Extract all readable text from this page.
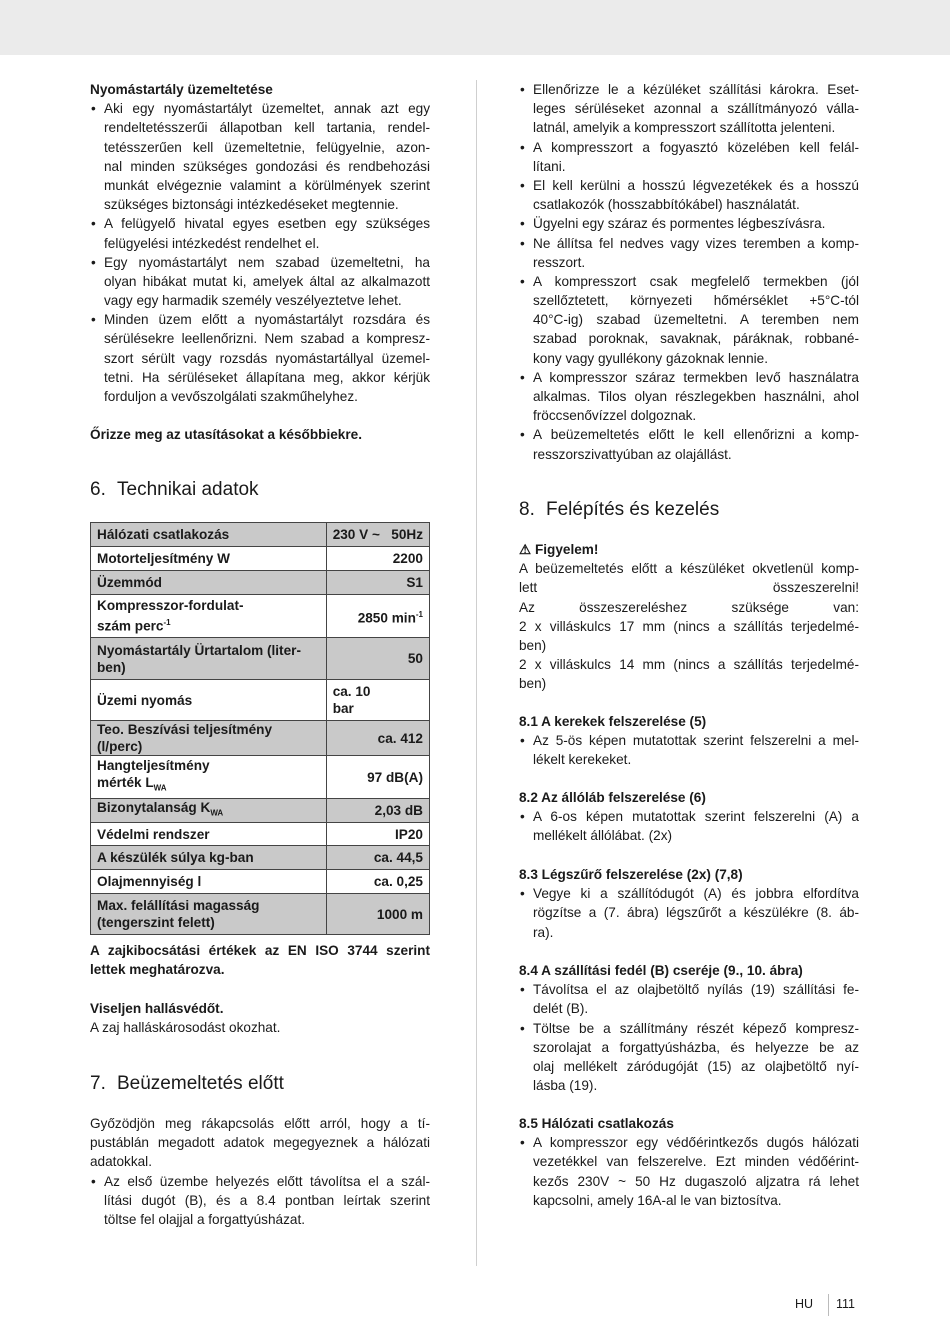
Nyomástartály üzemeltetése
• Aki egy nyomástartályt üzemeltet, annak azt egy
rendeltetésszerűi állapotban kell tartania, rendel-
tetésszerűen kell üzemeltetnie, felügyelnie, azon-
nal minden szükséges gondozási és rendbehozási
munkát elvégeznie valamint a körülmények szerint
szükséges biztonsági intézkedéseket megtennie.
• A felügyelő hivatal egyes esetben egy szükséges
felügyelési intézkedést rendelhet el.
• Egy nyomástartályt nem szabad üzemeltetni, ha
olyan hibákat mutat ki, amelyek által az alkalmazott
vagy egy harmadik személy veszélyeztetve lehet.
• Minden üzem előtt a nyomástartályt rozsdára és
sérülésekre leellenőrizni. Nem szabad a kompresz-
szort sérült vagy rozsdás nyomástartállyal üzemel-
tetni. Ha sérüléseket állapítana meg, akkor kérjük
forduljon a vevőszolgálati szakműhelyhez.
Őrizze meg az utasításokat a későbbiekre.
6. Technikai adatok
Hálózati csatlakozás	230 V ~   50Hz
Motorteljesítmény W	2200
Üzemmód	S1
Kompresszor-fordulat-
szám perc$^{-1}$	2850 $\min^{-1}$
Nyomástartály Ürtartalom (liter-
ben)	50
Üzemi nyomás	ca. 10
bar
Teo. Beszívási teljesítmény (l/perc)	ca. 412
Hangteljesítmény
mérték $L_{WA}$	97 dB(A)
Bizonytalanság $K_{WA}$	2,03 dB
Védelmi rendszer	IP20
A készülék súlya kg-ban	ca. 44,5
Olajmennyiség l	ca. 0,25
Max. felállítási magasság
(tengerszint felett)	1000 m
A zajkibocsátási értékek az EN ISO 3744 szerint
lettek meghatározva.
Viseljen hallásvédőt.
A zaj halláskárosodást okozhat.
7. Beüzemeltetés előtt
Győzödjön meg rákapcsolás előtt arról, hogy a tí-
pustáblán megadott adatok megegyeznek a hálózati
adatokkal.
• Az első üzembe helyezés előtt távolítsa el a szál-
lítási dugót (B), és a 8.4 pontban leírtak szerint
töltse fel olajjal a forgattyúsházat.
• Ellenőrizze le a kézüléket szállítási károkra. Eset-
leges sérüléseket azonnal a szállítmányozó válla-
latnál, amelyik a kompresszort szállította jelenteni.
• A kompresszort a fogyasztó közelében kell felál-
lítani.
• El kell kerülni a hosszú légvezetékek és a hosszú
csatlakozók (hosszabbítókábel) használatát.
• Ügyelni egy száraz és pormentes légbeszívásra.
• Ne állítsa fel nedves vagy vizes teremben a komp-
resszort.
• A kompresszort csak megfelelő termekben (jól
szellőztetett, környezeti hőmérséklet +5°C-tól
40°C-ig) szabad üzemeltetni. A teremben nem
szabad poroknak, savaknak, páráknak, robbané-
kony vagy gyullékony gázoknak lennie.
• A kompresszor száraz termekben levő használatra
alkalmas. Tilos olyan részlegekben használni, ahol
fröccsenővízzel dolgoznak.
• A beüzemeltetés előtt le kell ellenőrizni a komp-
resszorszivattyúban az olajállást.
8. Felépítés és kezelés
⚠ Figyelem!
A beüzemeltetés előtt a készüléket okvetlenül komp-
lett összeszerelni!
Az összeszereléshez szüksége van:
2 x villáskulcs 17 mm (nincs a szállítás terjedelmé-
ben)
2 x villáskulcs 14 mm (nincs a szállítás terjedelmé-
ben)
8.1 A kerekek felszerelése (5)
• Az 5-ös képen mutatottak szerint felszerelni a mel-
lékelt kerekeket.
8.2 Az állóláb felszerelése (6)
• A 6-os képen mutatottak szerint felszerelni (A) a
mellékelt állólábat. (2x)
8.3 Légszűrő felszerelése (2x) (7,8)
• Vegye ki a szállítódugót (A) és jobbra elfordítva
rögzítse a (7. ábra) légszűrőt a készülékre (8. áb-
ra).
8.4 A szállítási fedél (B) cseréje (9., 10. ábra)
• Távolítsa el az olajbetöltő nyílás (19) szállítási fe-
delét (B).
• Töltse be a szállítmány részét képező kompresz-
szorolajat a forgattyúsházba, és helyezze be az
olaj mellékelt záródugóját (15) az olajbetöltő nyí-
lásba (19).
8.5 Hálózati csatlakozás
• A kompresszor egy védőérintkezős dugós hálózati
vezetékkel van felszerelve. Ezt minden védőérint-
kezős 230V ~ 50 Hz dugaszoló aljzatra rá lehet
kapcsolni, amely 16A-al le van biztosítva.
HU 111
